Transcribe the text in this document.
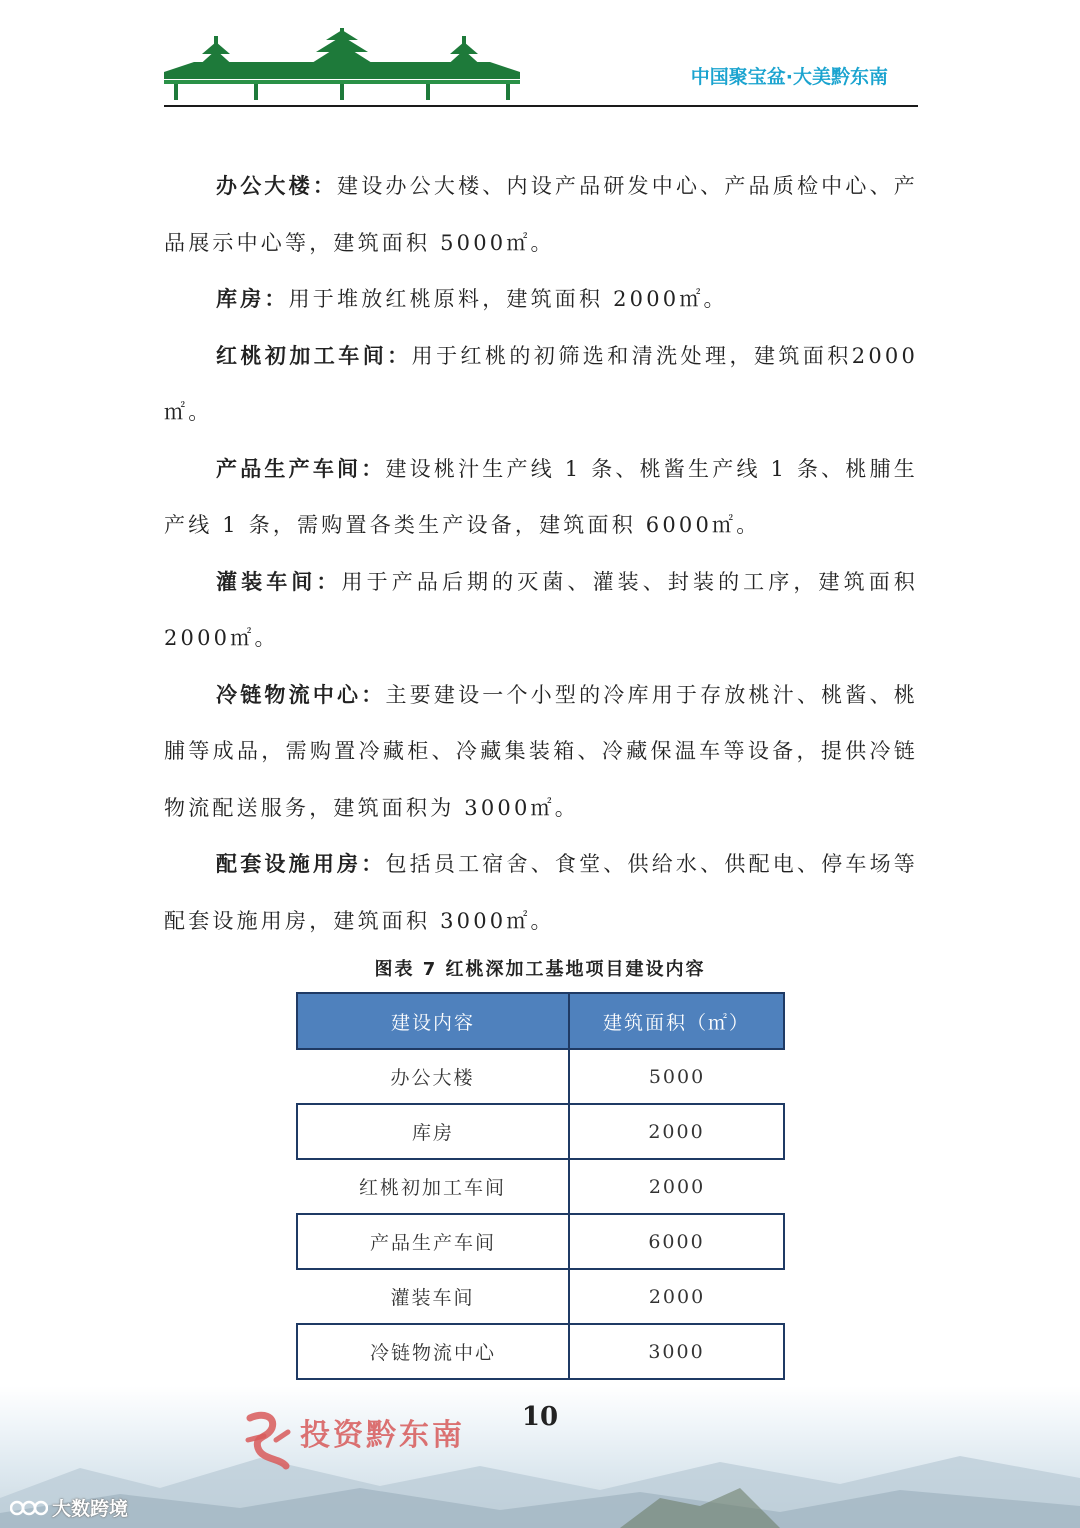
中国聚宝盆·大美黔东南

办公大楼：建设办公大楼、内设产品研发中心、产品质检中心、产品展示中心等，建筑面积 5000㎡。

库房：用于堆放红桃原料，建筑面积 2000㎡。

红桃初加工车间：用于红桃的初筛选和清洗处理，建筑面积2000㎡。

产品生产车间：建设桃汁生产线 1 条、桃酱生产线 1 条、桃脯生产线 1 条，需购置各类生产设备，建筑面积 6000㎡。

灌装车间：用于产品后期的灭菌、灌装、封装的工序，建筑面积2000㎡。

冷链物流中心：主要建设一个小型的冷库用于存放桃汁、桃酱、桃脯等成品，需购置冷藏柜、冷藏集装箱、冷藏保温车等设备，提供冷链物流配送服务，建筑面积为 3000㎡。

配套设施用房：包括员工宿舍、食堂、供给水、供配电、停车场等配套设施用房，建筑面积 3000㎡。

图表 7 红桃深加工基地项目建设内容
建设内容	建筑面积（㎡）
办公大楼	5000
库房	2000
红桃初加工车间	2000
产品生产车间	6000
灌装车间	2000
冷链物流中心	3000
投资黔东南
10
大数跨境
